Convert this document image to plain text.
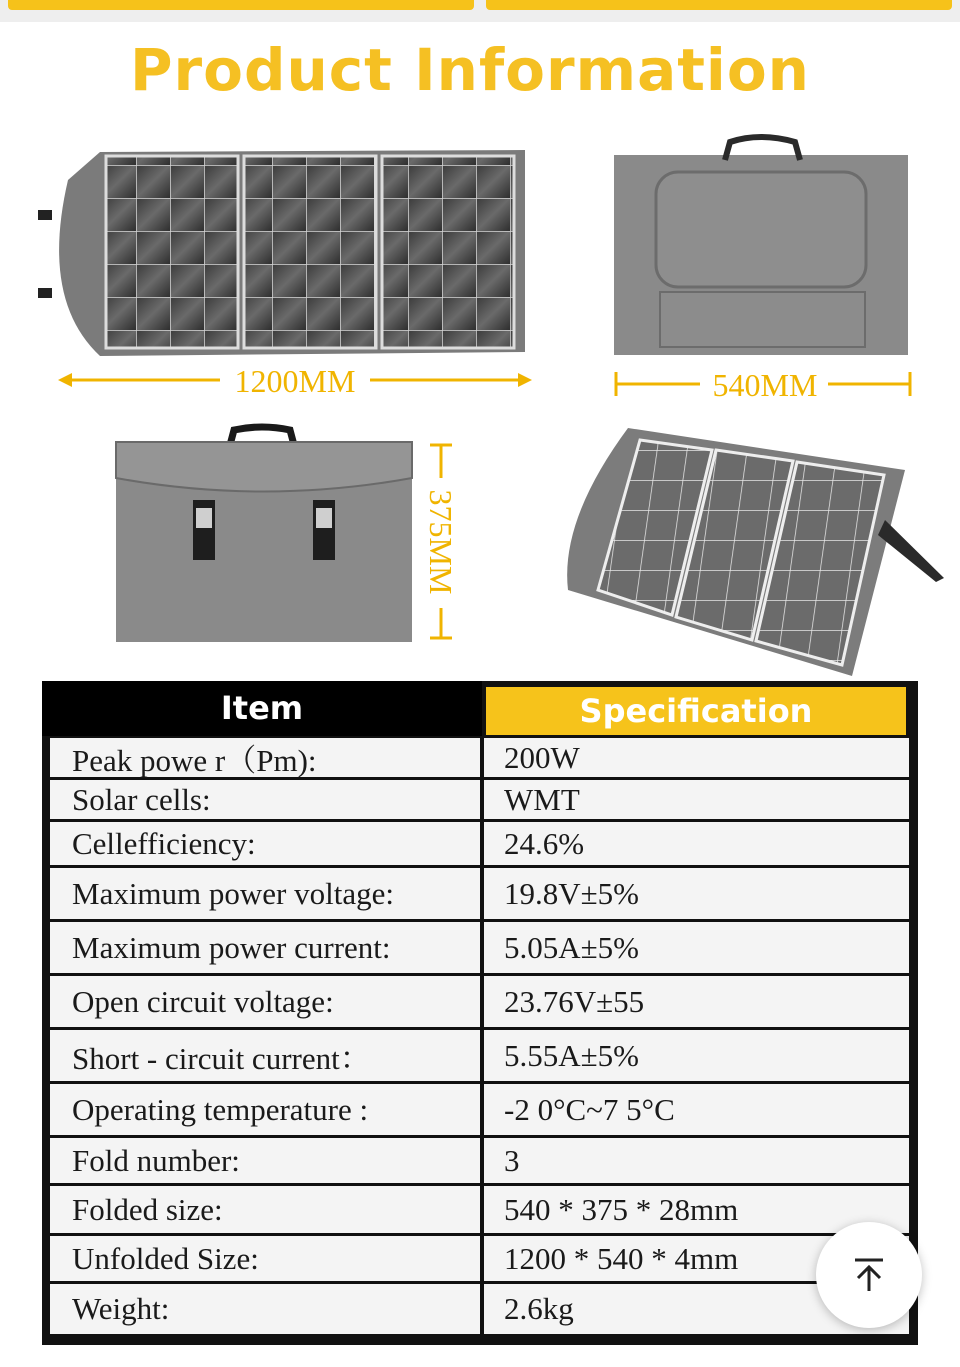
Product Information
1200MM	540MM
375MM
Item	Specification
Peak powe r（Pm):	200W
Solar cells:	WMT
Cellefficiency:	24.6%
Maximum power voltage:	19.8V±5%
Maximum power current:	5.05A±5%
Open circuit voltage:	23.76V±55
Short - circuit current：	5.55A±5%
Operating temperature :	-2 0°C~7 5°C
Fold number:	3
Folded size:	540 * 375 * 28mm
Unfolded Size:	1200 * 540 * 4mm
Weight:	2.6kg
